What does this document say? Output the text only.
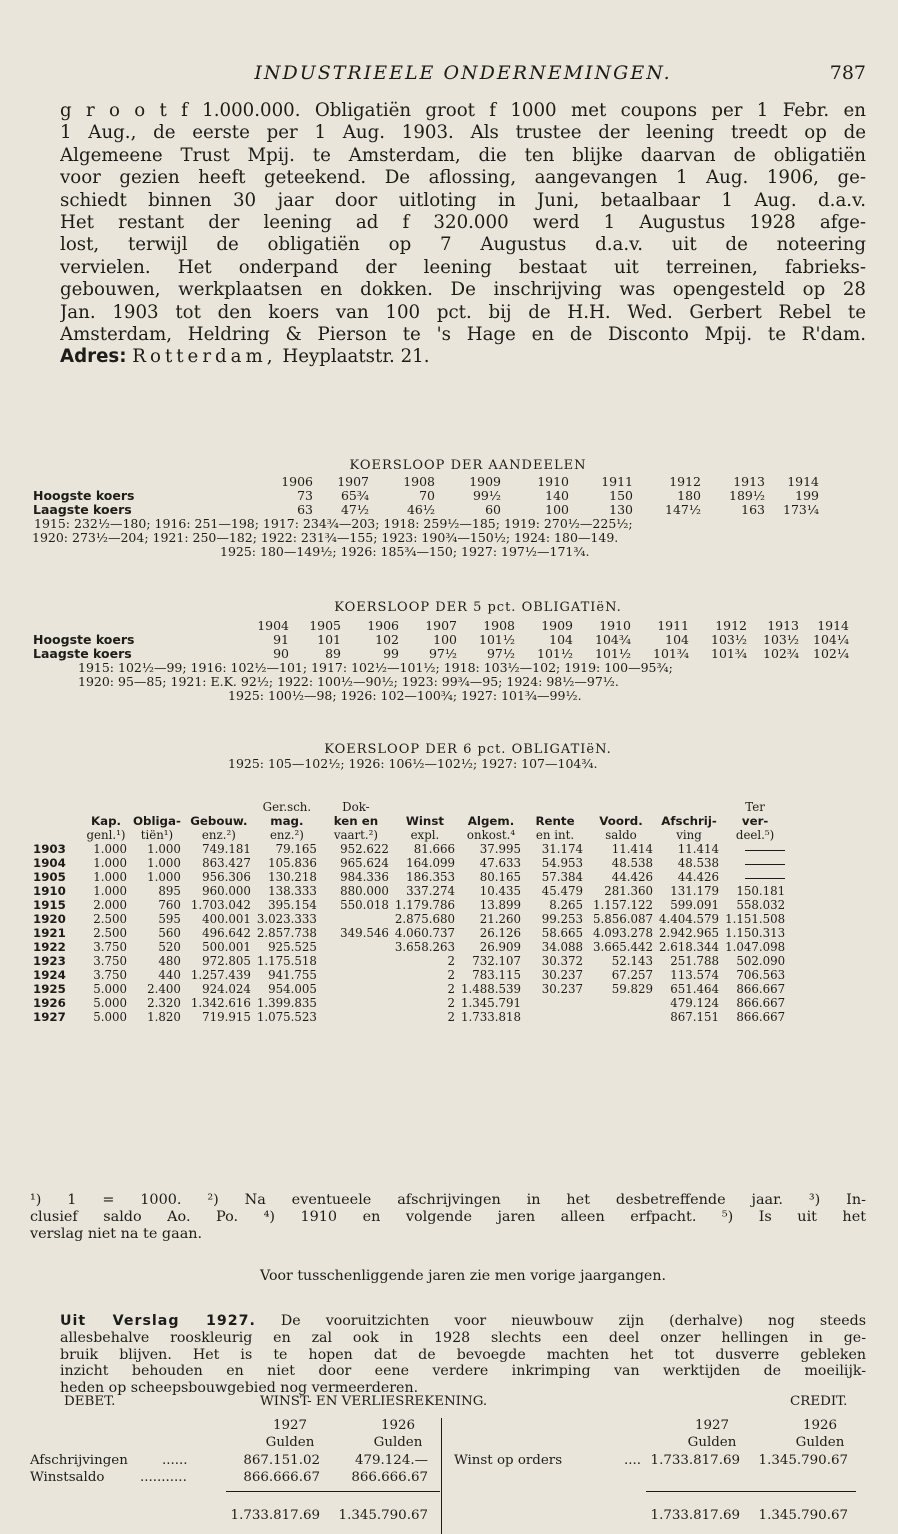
INDUSTRIEELE ONDERNEMINGEN.	787
g r o o t f 1.000.000. Obligatiën groot f 1000 met coupons per 1 Febr. en
1 Aug., de eerste per 1 Aug. 1903. Als trustee der leening treedt op de
Algemeene Trust Mpij. te Amsterdam, die ten blijke daarvan de obligatiën
voor gezien heeft geteekend. De aflossing, aangevangen 1 Aug. 1906, ge-
schiedt binnen 30 jaar door uitloting in Juni, betaalbaar 1 Aug. d.a.v.
Het restant der leening ad f 320.000 werd 1 Augustus 1928 afge-
lost, terwijl de obligatiën op 7 Augustus d.a.v. uit de noteering
vervielen. Het onderpand der leening bestaat uit terreinen, fabrieks-
gebouwen, werkplaatsen en dokken. De inschrijving was opengesteld op 28
Jan. 1903 tot den koers van 100 pct. bij de H.H. Wed. Gerbert Rebel te
Amsterdam, Heldring & Pierson te 's Hage en de Disconto Mpij. te R'dam.
Adres: Rotterdam, Heyplaatstr. 21.
KOERSLOOP DER AANDEELEN
	1906	1907	1908	1909	1910	1911	1912	1913	1914
Hoogste koers	73	65¾	70	99½	140	150	180	189½	199
Laagste koers	63	47½	46½	60	100	130	147½	163	173¼
1915: 232½—180; 1916: 251—198; 1917: 234¾—203; 1918: 259½—185; 1919: 270½—225½;
1920: 273½—204; 1921: 250—182; 1922: 231¾—155; 1923: 190¾—150½; 1924: 180—149.
1925: 180—149½; 1926: 185¾—150; 1927: 197½—171¾.
KOERSLOOP DER 5 pct. OBLIGATIëN.
	1904	1905	1906	1907	1908	1909	1910	1911	1912	1913	1914
Hoogste koers	91	101	102	100	101½	104	104¾	104	103½	103½	104¼
Laagste koers	90	89	99	97½	97½	101½	101½	101¾	101¾	102¾	102¼
1915: 102½—99; 1916: 102½—101; 1917: 102½—101½; 1918: 103½—102; 1919: 100—95¾;
1920: 95—85; 1921: E.K. 92½; 1922: 100½—90½; 1923: 99¾—95; 1924: 98½—97½.
1925: 100½—98; 1926: 102—100¾; 1927: 101¾—99½.
KOERSLOOP DER 6 pct. OBLIGATIëN.
1925: 105—102½; 1926: 106½—102½; 1927: 107—104¾.
				Ger.sch.	Dok-						Ter
	Kap.	Obliga-	Gebouw.	mag.	ken en	Winst	Algem.	Rente	Voord.	Afschrij-	ver-
	genl.¹)	tiën¹)	enz.²)	enz.²)	vaart.²)	expl.	onkost.⁴	en int.	saldo	ving	deel.⁵)
1903	1.000	1.000	749.181	79.165	952.622	81.666	37.995	31.174	11.414	11.414	
1904	1.000	1.000	863.427	105.836	965.624	164.099	47.633	54.953	48.538	48.538	
1905	1.000	1.000	956.306	130.218	984.336	186.353	80.165	57.384	44.426	44.426	
1910	1.000	895	960.000	138.333	880.000	337.274	10.435	45.479	281.360	131.179	150.181
1915	2.000	760	1.703.042	395.154	550.018	1.179.786	13.899	8.265	1.157.122	599.091	558.032
1920	2.500	595	400.001	3.023.333		2.875.680	21.260	99.253	5.856.087	4.404.579	1.151.508
1921	2.500	560	496.642	2.857.738	349.546	4.060.737	26.126	58.665	4.093.278	2.942.965	1.150.313
1922	3.750	520	500.001	925.525		3.658.263	26.909	34.088	3.665.442	2.618.344	1.047.098
1923	3.750	480	972.805	1.175.518		2	732.107	30.372	52.143	251.788	502.090
1924	3.750	440	1.257.439	941.755		2	783.115	30.237	67.257	113.574	706.563
1925	5.000	2.400	924.024	954.005		2	1.488.539	30.237	59.829	651.464	866.667
1926	5.000	2.320	1.342.616	1.399.835		2	1.345.791			479.124	866.667
1927	5.000	1.820	719.915	1.075.523		2	1.733.818			867.151	866.667
¹) 1 = 1000. ²) Na eventueele afschrijvingen in het desbetreffende jaar. ³) In-
clusief saldo Ao. Po. ⁴) 1910 en volgende jaren alleen erfpacht. ⁵) Is uit het
verslag niet na te gaan.
Voor tusschenliggende jaren zie men vorige jaargangen.
Uit Verslag 1927. De vooruitzichten voor nieuwbouw zijn (derhalve) nog steeds
allesbehalve rooskleurig en zal ook in 1928 slechts een deel onzer hellingen in ge-
bruik blijven. Het is te hopen dat de bevoegde machten het tot dusverre gebleken
inzicht behouden en niet door eene verdere inkrimping van werktijden de moeilijk-
heden op scheepsbouwgebied nog vermeerderen.
DEBET.	WINST- EN VERLIESREKENING.	CREDIT.
1927	1926
Gulden	Gulden
1927	1926
Gulden	Gulden
Afschrijvingen	......	867.151.02	479.124.—
Winstsaldo	...........	866.666.67	866.666.67
Winst op orders	.... 1.733.817.69	1.345.790.67
1.733.817.69	1.345.790.67	1.733.817.69	1.345.790.67
